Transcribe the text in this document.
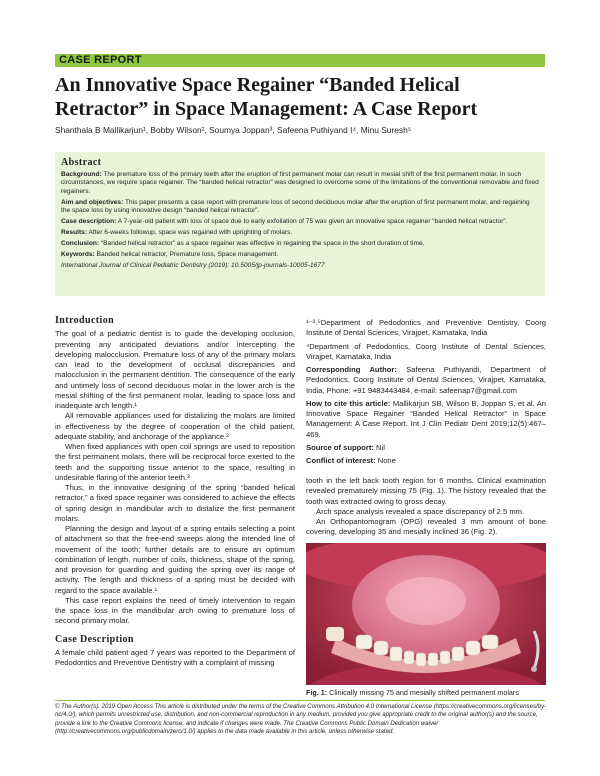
CASE REPORT
An Innovative Space Regainer “Banded Helical Retractor” in Space Management: A Case Report
Shanthala B Mallikarjun¹, Bobby Wilson², Soumya Joppan³, Safeena Puthiyand I⁴, Minu Suresh⁵
Abstract

Background: The premature loss of the primary teeth after the eruption of first permanent molar can result in mesial shift of the first permanent molar. In such circumstances, we require space regainer. The “banded helical retractor” was designed to overcome some of the limitations of the conventional removable and fixed regainers.

Aim and objectives: This paper presents a case report with premature loss of second deciduous molar after the eruption of first permanent molar, and regaining the space loss by using innovative design “banded helical retractor”.

Case description: A 7-year-old patient with loss of space due to early exfoliation of 75 was given an innovative space regainer “banded helical retractor”.

Results: After 6-weeks followup, space was regained with uprighting of molars.

Conclusion: “Banded helical retractor” as a space regainer was effective in regaining the space in the short duration of time.

Keywords: Banded helical retractor, Premature loss, Space management.

International Journal of Clinical Pediatric Dentistry (2019): 10.5005/jp-journals-10005-1677

Introduction

The goal of a pediatric dentist is to guide the developing occlusion, preventing any anticipated deviations and/or intercepting the developing malocclusion. Premature loss of any of the primary molars can lead to the development of occlusal discrepancies and malocclusion in the permanent dentition. The consequence of the early and untimely loss of second deciduous molar in the lower arch is the mesial shifting of the first permanent molar, leading to space loss and inadequate arch length.¹

All removable appliances used for distalizing the molars are limited in effectiveness by the degree of cooperation of the child patient, adequate stability, and anchorage of the appliance.²

When fixed appliances with open coil springs are used to reposition the first permanent molars, there will be reciprocal force exerted to the teeth and the supporting tissue anterior to the space, resulting in undesirable flaring of the anterior teeth.³

Thus, in the innovative designing of the spring “banded helical retractor,” a fixed space regainer was considered to achieve the effects of spring design in mandibular arch to distalize the first permanent molars.

Planning the design and layout of a spring entails selecting a point of attachment so that the free-end sweeps along the intended line of movement of the tooth; further details are to ensure an optimum combination of length, number of coils, thickness, shape of the spring, and provision for guarding and guiding the spring over its range of activity. The length and thickness of a spring must be decided with regard to the space available.¹

This case report explains the need of timely intervention to regain the space loss in the mandibular arch owing to premature loss of second primary molar.

Case Description

A female child patient aged 7 years was reported to the Department of Pedodontics and Preventive Dentistry with a complaint of missing

¹⁻³˒⁵Department of Pedodontics and Preventive Dentistry, Coorg Institute of Dental Sciences, Virajpet, Karnataka, India

⁴Department of Pedodontics, Coorg Institute of Dental Sciences, Virajpet, Karnataka, India

Corresponding Author: Safeena Puthiyandi, Department of Pedodontics, Coorg Institute of Dental Sciences, Virajpet, Karnataka, India, Phone: +91 9483443484, e-mail: safeenap7@gmail.com

How to cite this article: Mallikarjun SB, Wilson B, Joppan S, et al. An Innovative Space Regainer “Banded Helical Retractor” in Space Management: A Case Report. Int J Clin Pediatr Dent 2019;12(5):467–469.

Source of support: Nil

Conflict of interest: None

tooth in the left back tooth region for 6 months. Clinical examination revealed prematurely missing 75 (Fig. 1). The history revealed that the tooth was extracted owing to gross decay.

Arch space analysis revealed a space discrepancy of 2.5 mm.

An Orthopantomogram (OPG) revealed 3 mm amount of bone covering, developing 35 and mesially inclined 36 (Fig. 2).

Fig. 1: Clinically missing 75 and mesially shifted permanent molars
© The Author(s). 2019 Open Access This article is distributed under the terms of the Creative Commons Attribution 4.0 International License (https://creativecommons.org/licenses/by-nc/4.0/), which permits unrestricted use, distribution, and non-commercial reproduction in any medium, provided you give appropriate credit to the original author(s) and the source, provide a link to the Creative Commons license, and indicate if changes were made. The Creative Commons Public Domain Dedication waiver (http://creativecommons.org/publicdomain/zero/1.0/) applies to the data made available in this article, unless otherwise stated.
